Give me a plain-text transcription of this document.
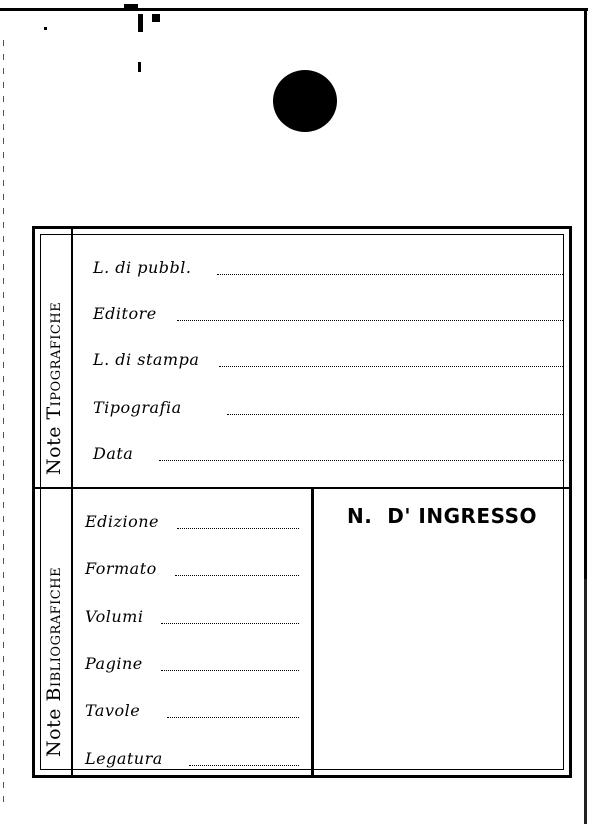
Note Tipografiche
L. di pubbl.
Editore
L. di stampa
Tipografia
Data
Note Bibliografiche
Edizione
Formato
Volumi
Pagine
Tavole
Legatura
N.  D' INGRESSO
